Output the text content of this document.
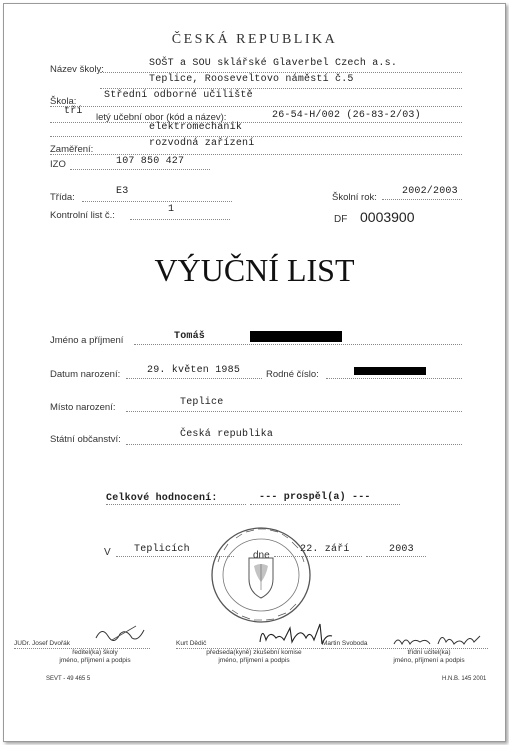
ČESKÁ REPUBLIKA
Název školy:
SOŠT a SOU sklářské Glaverbel Czech a.s.
Teplice, Rooseveltovo náměstí č.5
Škola:
Střední odborné učiliště
tří
letý učební obor (kód a název):	26-54-H/002 (26-83-2/03)
elektromechanik
Zaměření:
rozvodná zařízení
IZO	107 850 427
Třída:
E3
Školní rok:
2002/2003
Kontrolní list č.:
1
DF 0003900
VÝUČNÍ LIST
Jméno a příjmení	Tomáš
Datum narození:	29. květen 1985	Rodné číslo:
Místo narození:	Teplice
Státní občanství:	Česká republika
Celkové hodnocení:	--- prospěl(a) ---
V Teplicích
dne
22. září	2003
JUDr. Josef Dvořák
ředitel(ka) školy
jméno, příjmení a podpis
Kurt Dědič
předseda(kyně) zkušební komise
jméno, příjmení a podpis
Martin Svoboda
třídní učitel(ka)
jméno, příjmení a podpis
SEVT - 49 465 5	H.N.B. 145 2001
